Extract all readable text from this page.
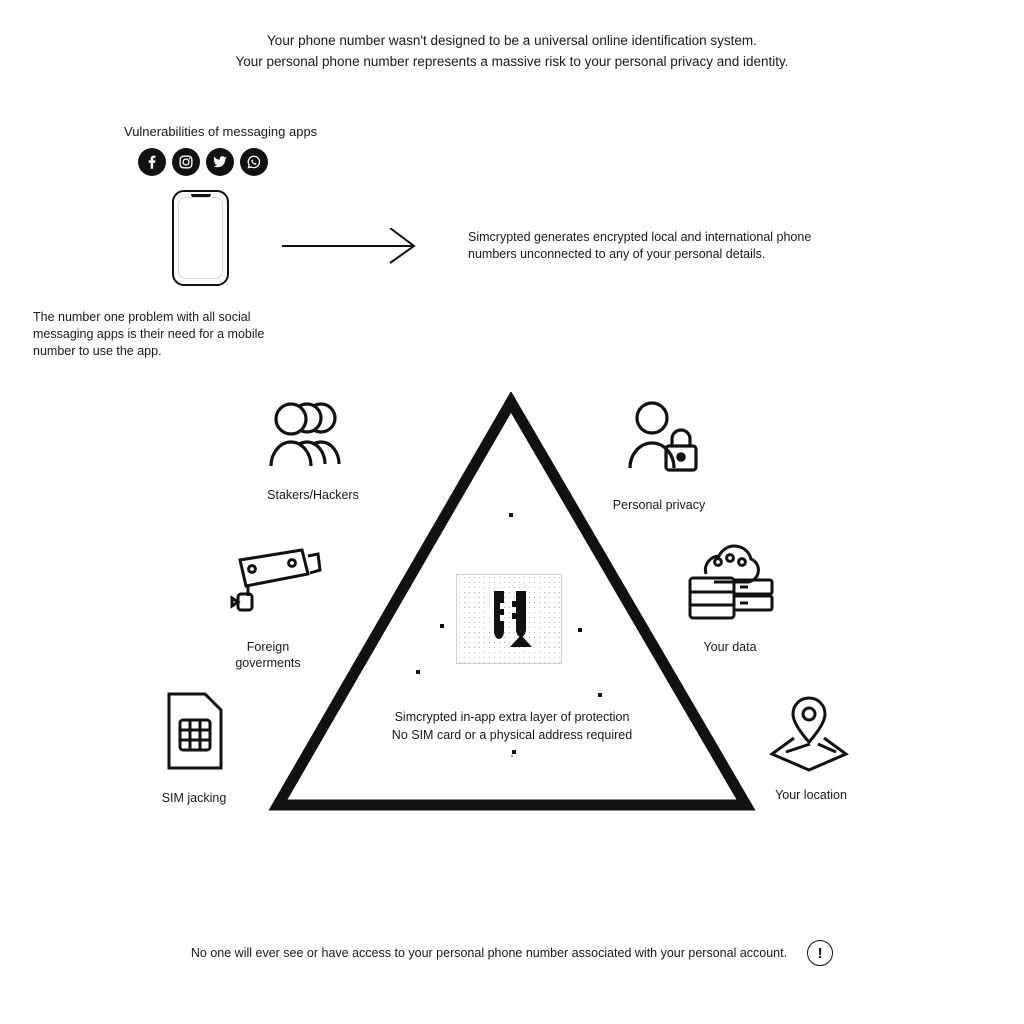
Your phone number wasn't designed to be a universal online identification system.
Your personal phone number represents a massive risk to your personal privacy and identity.
Vulnerabilities of messaging apps
Simcrypted generates encrypted local and international phone numbers unconnected to any of your personal details.
The number one problem with all social messaging apps is their need for a mobile number to use the app.
Simcrypted in-app extra layer of protection
No SIM card or a physical address required
.
Stakers/Hackers
Foreign
goverments
SIM jacking
Personal privacy
Your data
Your location
No one will ever see or have access to your personal phone number associated with your personal account.	!
